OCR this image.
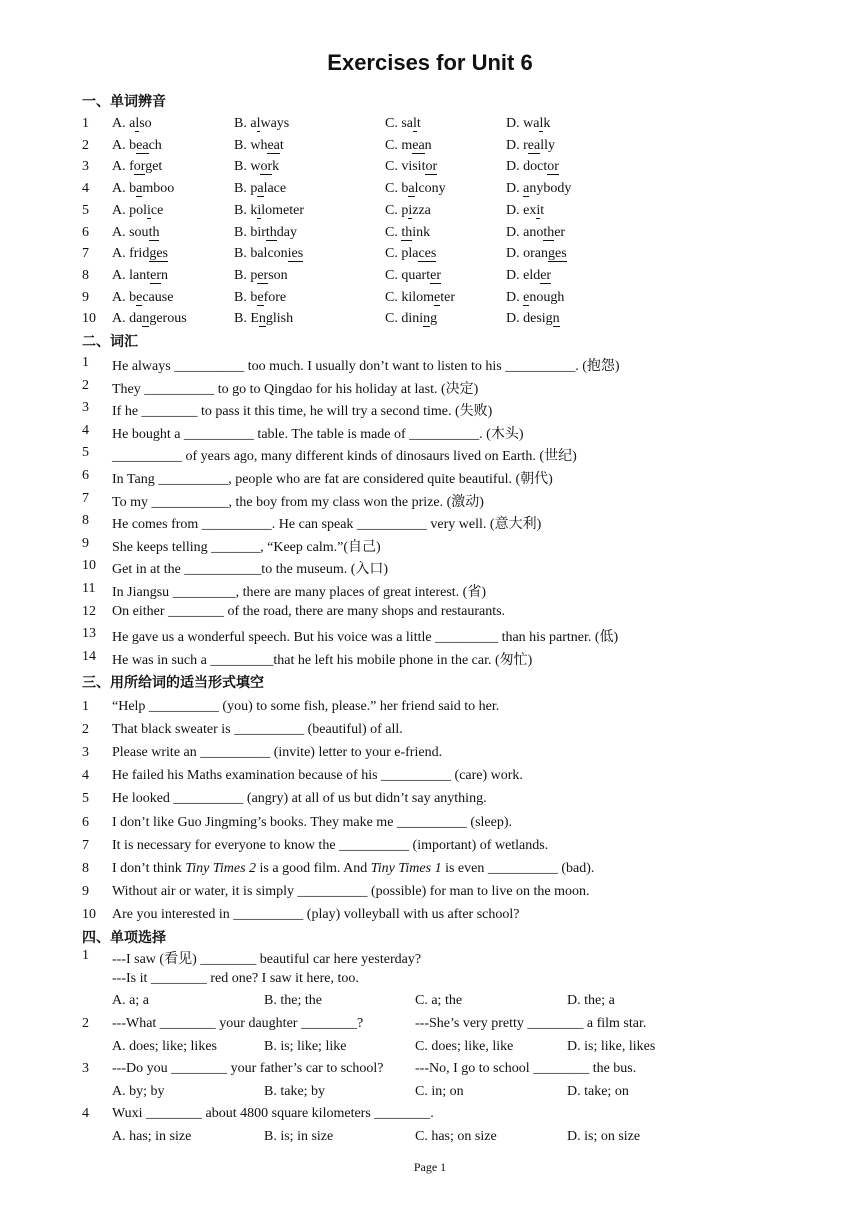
Exercises for Unit 6
一、单词辨音
1 A. also	B. always	C. salt	D. walk
2 A. beach	B. wheat	C. mean	D. really
3 A. forget	B. work	C. visitor	D. doctor
4 A. bamboo	B. palace	C. balcony	D. anybody
5 A. police	B. kilometer	C. pizza	D. exit
6 A. south	B. birthday	C. think	D. another
7 A. fridges	B. balconies	C. places	D. oranges
8 A. lantern	B. person	C. quarter	D. elder
9 A. because	B. before	C. kilometer	D. enough
10 A. dangerous	B. English	C. dining	D. design
二、词汇
1 He always __________ too much. I usually don’t want to listen to his __________. (抱怨)
2 They __________ to go to Qingdao for his holiday at last. (决定)
3 If he ________ to pass it this time, he will try a second time. (失败)
4 He bought a __________ table. The table is made of __________. (木头)
5 __________ of years ago, many different kinds of dinosaurs lived on Earth. (世纪)
6 In Tang __________, people who are fat are considered quite beautiful. (朝代)
7 To my ___________, the boy from my class won the prize. (激动)
8 He comes from __________. He can speak __________ very well. (意大利)
9 She keeps telling _______, “Keep calm.”(自己)
10 Get in at the ___________to the museum. (入口)
11 In Jiangsu _________, there are many places of great interest. (省)
12 On either ________ of the road, there are many shops and restaurants.
13 He gave us a wonderful speech. But his voice was a little _________ than his partner. (低)
14 He was in such a _________that he left his mobile phone in the car. (匆忙)
三、用所给词的适当形式填空
1 “Help __________ (you) to some fish, please.” her friend said to her.
2 That black sweater is __________ (beautiful) of all.
3 Please write an __________ (invite) letter to your e-friend.
4 He failed his Maths examination because of his __________ (care) work.
5 He looked __________ (angry) at all of us but didn’t say anything.
6 I don’t like Guo Jingming’s books. They make me __________ (sleep).
7 It is necessary for everyone to know the __________ (important) of wetlands.
8 I don’t think Tiny Times 2 is a good film. And Tiny Times 1 is even __________ (bad).
9 Without air or water, it is simply __________ (possible) for man to live on the moon.
10 Are you interested in __________ (play) volleyball with us after school?
四、单项选择
1 ---I saw (看见) ________ beautiful car here yesterday?
---Is it ________ red one? I saw it here, too.
A. a; a	B. the; the	C. a; the	D. the; a
2 ---What ________ your daughter ________?	---She’s very pretty ________ a film star.
A. does; like; likes	B. is; like; like	C. does; like, like	D. is; like, likes
3 ---Do you ________ your father’s car to school? ---No, I go to school ________ the bus.
A. by; by	B. take; by	C. in; on	D. take; on
4 Wuxi ________ about 4800 square kilometers ________.
A. has; in size	B. is; in size	C. has; on size	D. is; on size
Page 1
